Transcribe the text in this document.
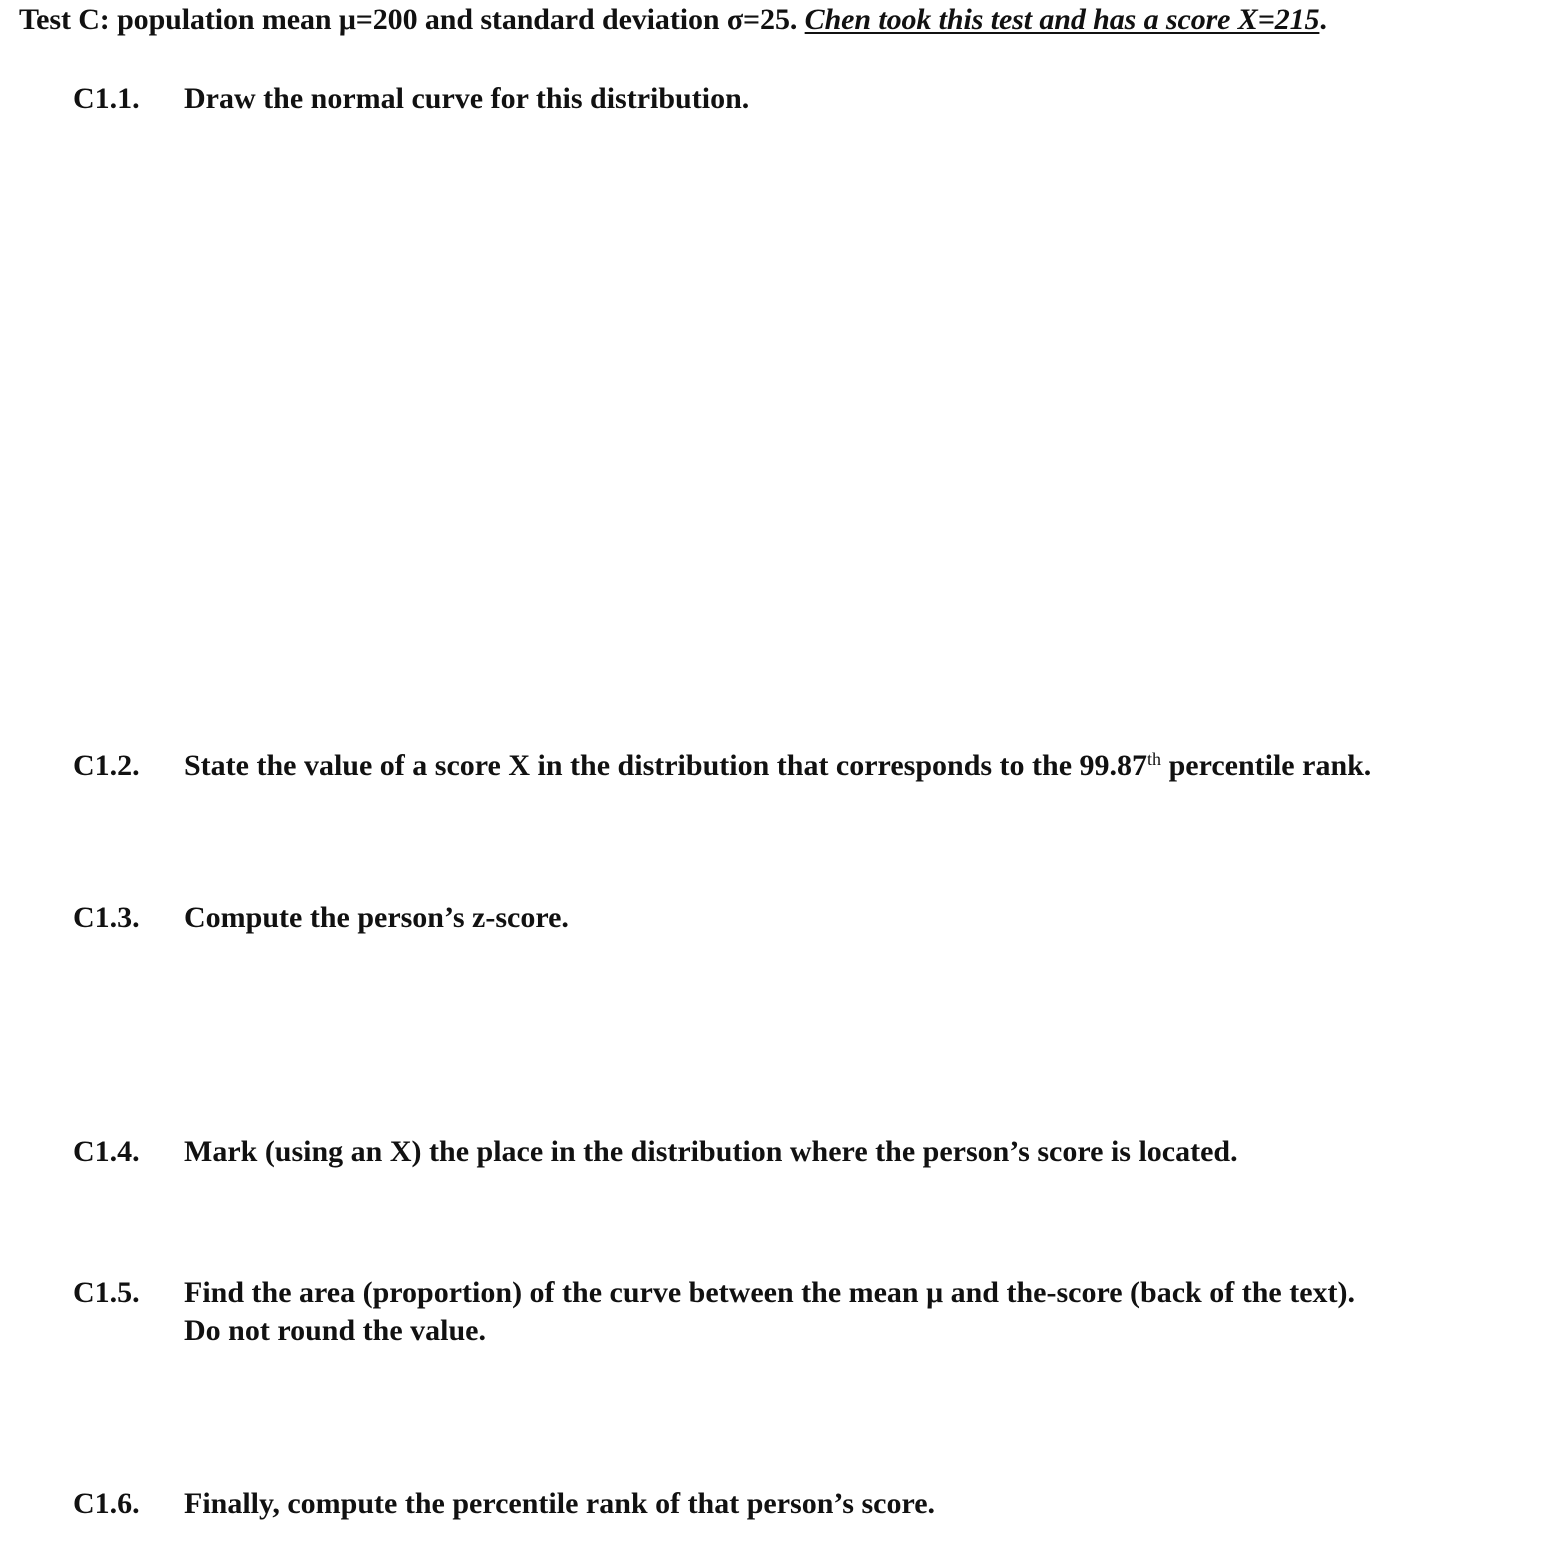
Test C: population mean μ=200 and standard deviation σ=25. Chen took this test and has a score X=215.
C1.1. Draw the normal curve for this distribution.
C1.2. State the value of a score X in the distribution that corresponds to the 99.87th percentile rank.
C1.3. Compute the person’s z-score.
C1.4. Mark (using an X) the place in the distribution where the person’s score is located.
C1.5. Find the area (proportion) of the curve between the mean μ and the-score (back of the text).
Do not round the value.
C1.6. Finally, compute the percentile rank of that person’s score.
